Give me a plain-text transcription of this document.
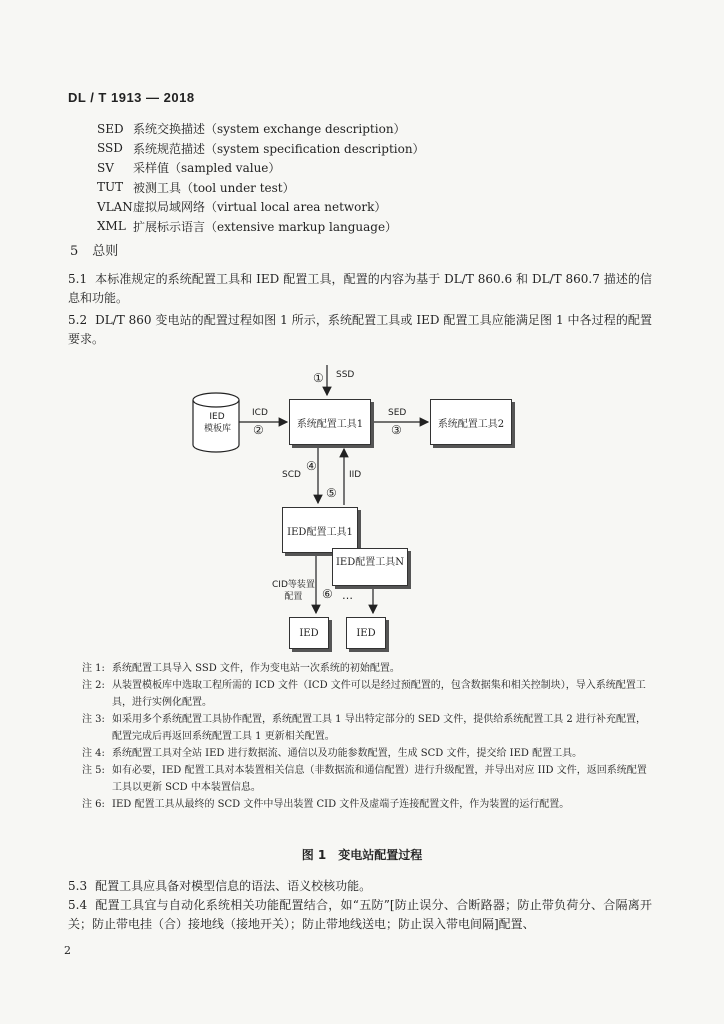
DL / T 1913 — 2018
SED 系统交换描述（system exchange description）
SSD 系统规范描述（system specification description）
SV	采样值（sampled value）
TUT 被测工具（tool under test）
VLAN 虚拟局域网络（virtual local area network）
XML 扩展标示语言（extensive markup language）
5 总则
5.1 本标准规定的系统配置工具和 IED 配置工具，配置的内容为基于 DL/T 860.6 和 DL/T 860.7 描述的信息和功能。
5.2 DL/T 860 变电站的配置过程如图 1 所示，系统配置工具或 IED 配置工具应能满足图 1 中各过程的配置要求。
IED
模板库	系统配置工具1	系统配置工具2
IED配置工具1
IED配置工具N
IED	IED
SSD
ICD	SED
SCD	IID
CID等装置
配置	…
①
②	③
④
⑤
⑥
注 1: 系统配置工具导入 SSD 文件，作为变电站一次系统的初始配置。
注 2: 从装置模板库中选取工程所需的 ICD 文件（ICD 文件可以是经过预配置的，包含数据集和相关控制块），导入系统配置工具，进行实例化配置。
注 3: 如采用多个系统配置工具协作配置，系统配置工具 1 导出特定部分的 SED 文件，提供给系统配置工具 2 进行补充配置，配置完成后再返回系统配置工具 1 更新相关配置。
注 4: 系统配置工具对全站 IED 进行数据流、通信以及功能参数配置，生成 SCD 文件，提交给 IED 配置工具。
注 5: 如有必要，IED 配置工具对本装置相关信息（非数据流和通信配置）进行升级配置，并导出对应 IID 文件，返回系统配置工具以更新 SCD 中本装置信息。
注 6: IED 配置工具从最终的 SCD 文件中导出装置 CID 文件及虚端子连接配置文件，作为装置的运行配置。
图 1 变电站配置过程
5.3 配置工具应具备对模型信息的语法、语义校核功能。
5.4 配置工具宜与自动化系统相关功能配置结合，如“五防”[防止误分、合断路器；防止带负荷分、合隔离开关；防止带电挂（合）接地线（接地开关）；防止带地线送电；防止误入带电间隔]配置、
2
